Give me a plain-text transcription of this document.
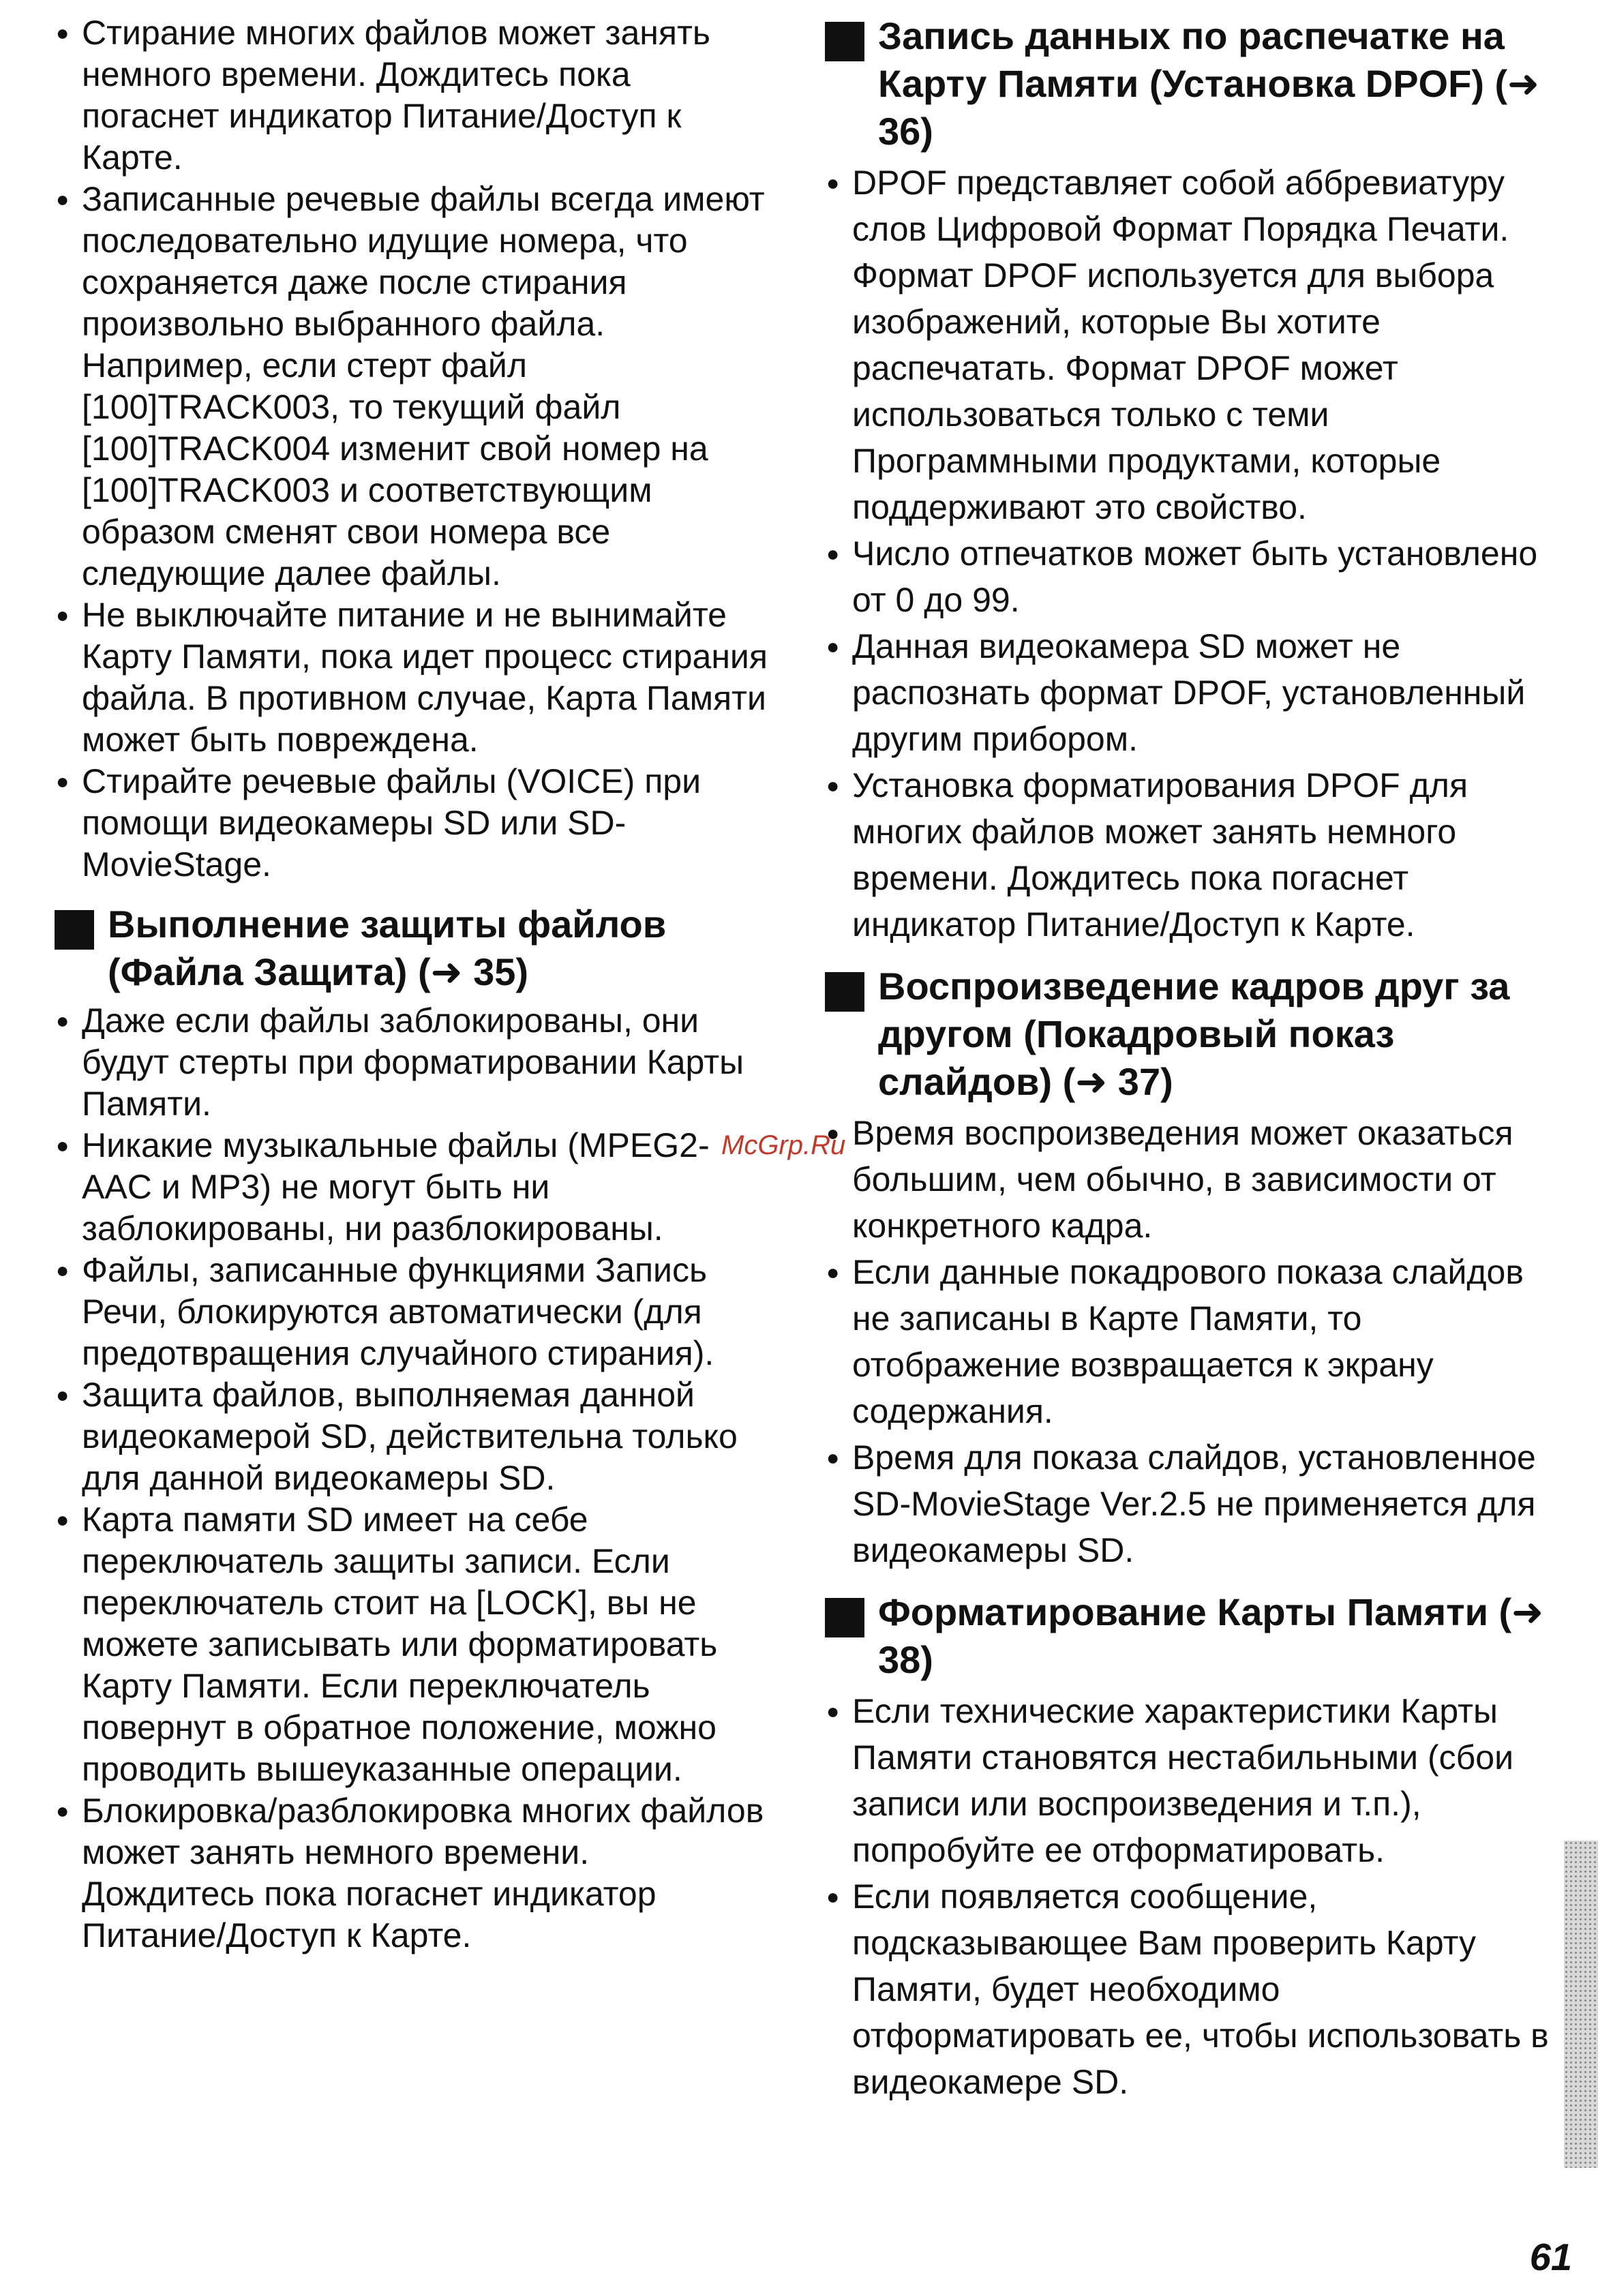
● Стирание многих файлов может занять немного времени. Дождитесь пока погаснет индикатор Питание/Доступ к Карте.

● Записанные речевые файлы всегда имеют последовательно идущие номера, что сохраняется даже после стирания произвольно выбранного файла. Например, если стерт файл [100]TRACK003, то текущий файл [100]TRACK004 изменит свой номер на [100]TRACK003 и соответствующим образом сменят свои номера все следующие далее файлы.

● Не выключайте питание и не вынимайте Карту Памяти, пока идет процесс стирания файла. В противном случае, Карта Памяти может быть повреждена.

● Стирайте речевые файлы (VOICE) при помощи видеокамеры SD или SD-MovieStage.

Выполнение защиты файлов (Файла Защита) (➜ 35)

● Даже если файлы заблокированы, они будут стерты при форматировании Карты Памяти.

● Никакие музыкальные файлы (MPEG2-AAC и MP3) не могут быть ни заблокированы, ни разблокированы.

● Файлы, записанные функциями Запись Речи, блокируются автоматически (для предотвращения случайного стирания).

● Защита файлов, выполняемая данной видеокамерой SD, действительна только для данной видеокамеры SD.

● Карта памяти SD имеет на себе переключатель защиты записи. Если переключатель стоит на [LOCK], вы не можете записывать или форматировать Карту Памяти. Если переключатель повернут в обратное положение, можно проводить вышеуказанные операции.

● Блокировка/разблокировка многих файлов может занять немного времени. Дождитесь пока погаснет индикатор Питание/Доступ к Карте.

Запись данных по распечатке на Карту Памяти (Установка DPOF) (➜ 36)

● DPOF представляет собой аббревиатуру слов Цифровой Формат Порядка Печати. Формат DPOF используется для выбора изображений, которые Вы хотите распечатать. Формат DPOF может использоваться только с теми Программными продуктами, которые поддерживают это свойство.

● Число отпечатков может быть установлено от 0 до 99.

● Данная видеокамера SD может не распознать формат DPOF, установленный другим прибором.

● Установка форматирования DPOF для многих файлов может занять немного времени. Дождитесь пока погаснет индикатор Питание/Доступ к Карте.

Воспроизведение кадров друг за другом (Покадровый показ слайдов) (➜ 37)

● Время воспроизведения может оказаться большим, чем обычно, в зависимости от конкретного кадра.

● Если данные покадрового показа слайдов не записаны в Карте Памяти, то отображение возвращается к экрану содержания.

● Время для показа слайдов, установленное SD-MovieStage Ver.2.5 не применяется для видеокамеры SD.

Форматирование Карты Памяти (➜ 38)

● Если технические характеристики Карты Памяти становятся нестабильными (сбои записи или воспроизведения и т.п.), попробуйте ее отформатировать.

● Если появляется сообщение, подсказывающее Вам проверить Карту Памяти, будет необходимо отформатировать ее, чтобы использовать в видеокамере SD.

McGrp.Ru
61
